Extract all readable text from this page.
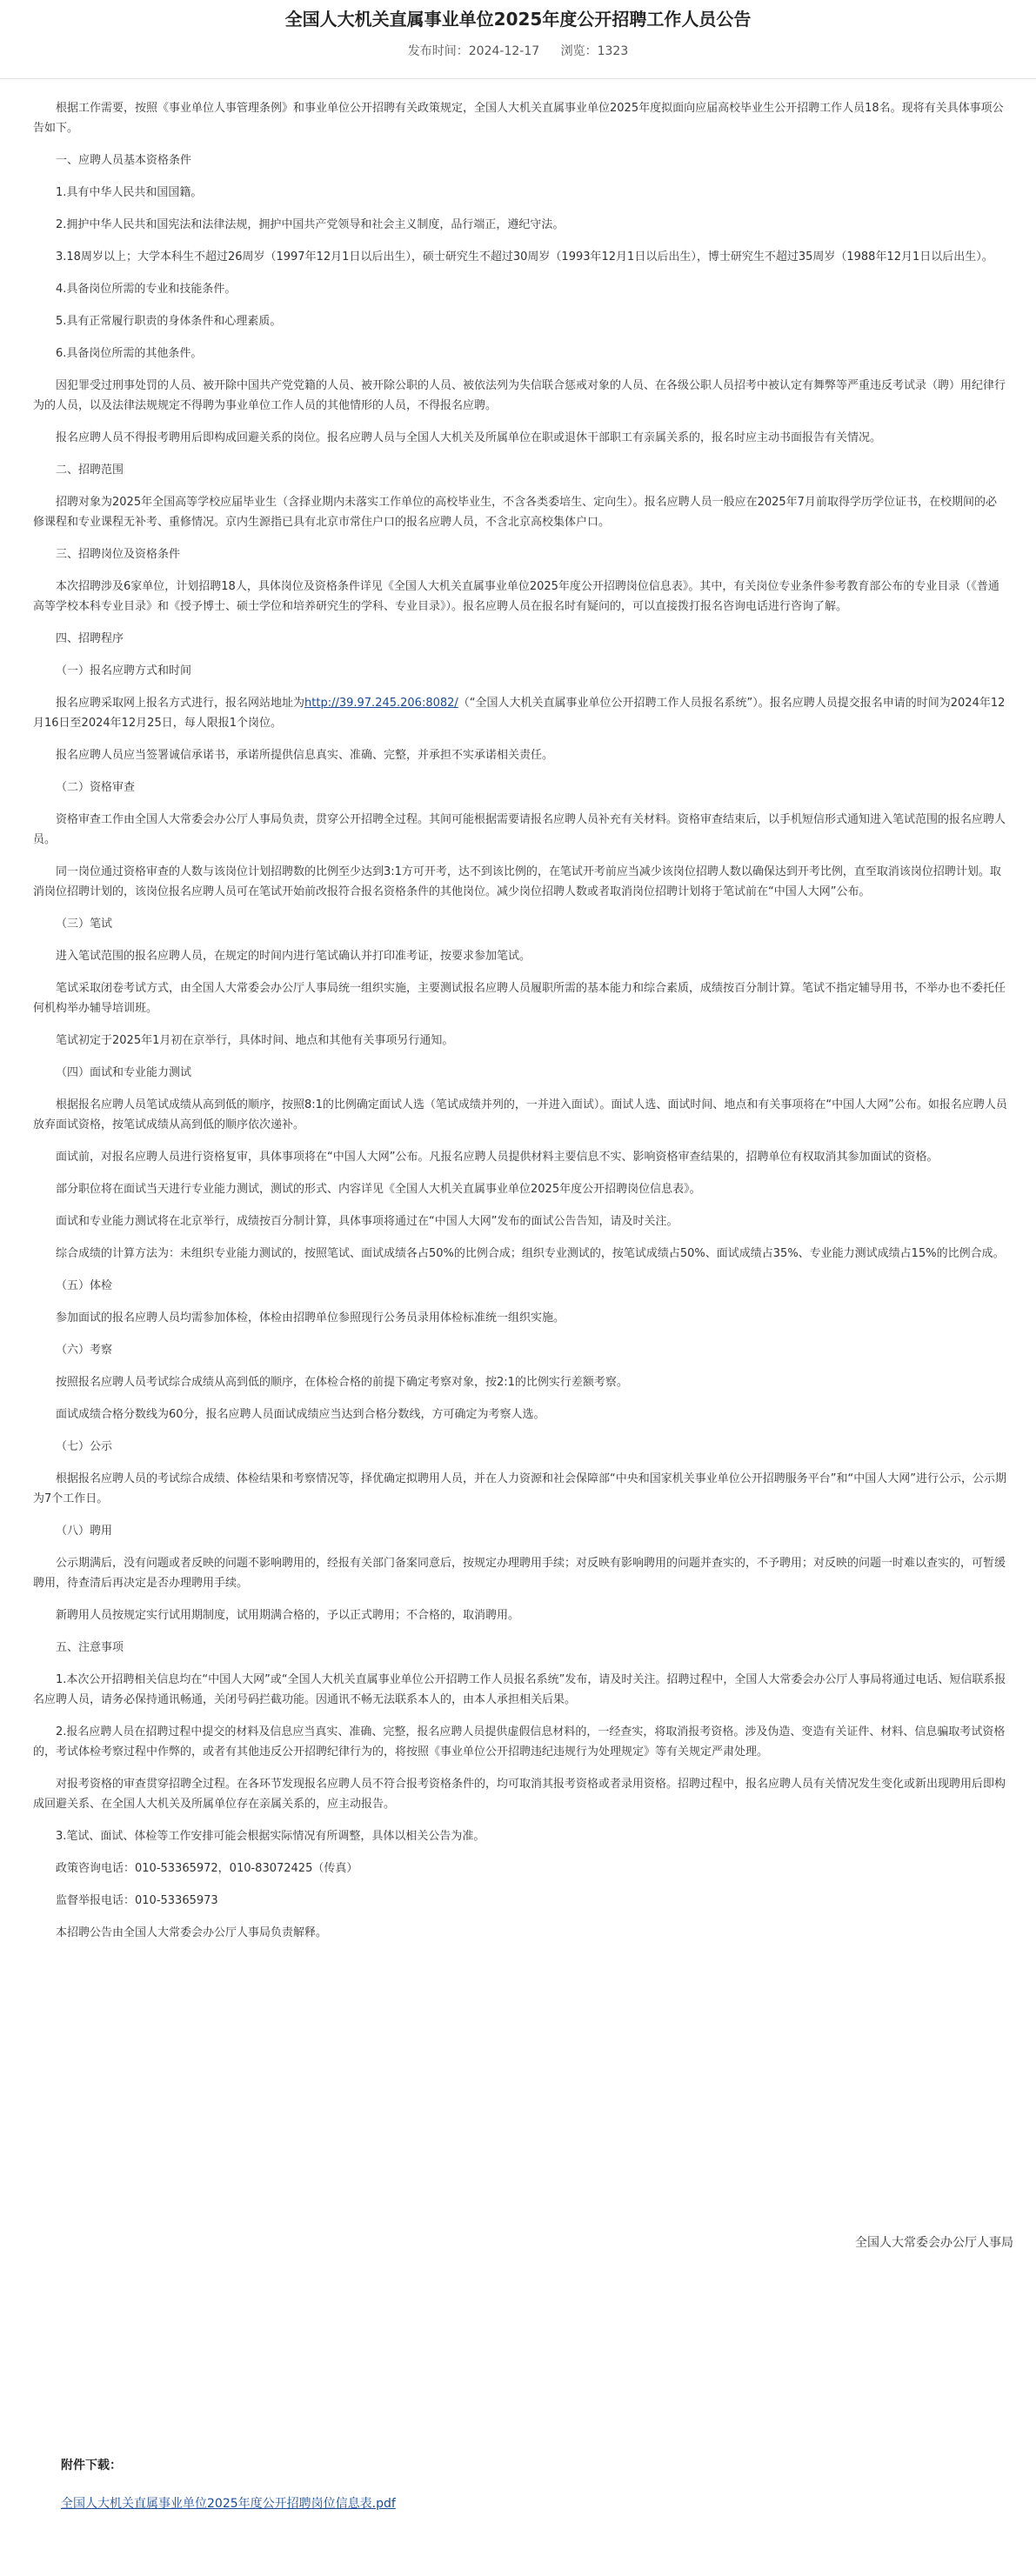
全国人大机关直属事业单位2025年度公开招聘工作人员公告
发布时间：2024-12-17 浏览：1323

根据工作需要，按照《事业单位人事管理条例》和事业单位公开招聘有关政策规定，全国人大机关直属事业单位2025年度拟面向应届高校毕业生公开招聘工作人员18名。现将有关具体事项公告如下。

一、应聘人员基本资格条件

1.具有中华人民共和国国籍。

2.拥护中华人民共和国宪法和法律法规，拥护中国共产党领导和社会主义制度，品行端正，遵纪守法。

3.18周岁以上；大学本科生不超过26周岁（1997年12月1日以后出生），硕士研究生不超过30周岁（1993年12月1日以后出生），博士研究生不超过35周岁（1988年12月1日以后出生）。

4.具备岗位所需的专业和技能条件。

5.具有正常履行职责的身体条件和心理素质。

6.具备岗位所需的其他条件。

因犯罪受过刑事处罚的人员、被开除中国共产党党籍的人员、被开除公职的人员、被依法列为失信联合惩戒对象的人员、在各级公职人员招考中被认定有舞弊等严重违反考试录（聘）用纪律行为的人员，以及法律法规规定不得聘为事业单位工作人员的其他情形的人员，不得报名应聘。

报名应聘人员不得报考聘用后即构成回避关系的岗位。报名应聘人员与全国人大机关及所属单位在职或退休干部职工有亲属关系的，报名时应主动书面报告有关情况。

二、招聘范围

招聘对象为2025年全国高等学校应届毕业生（含择业期内未落实工作单位的高校毕业生，不含各类委培生、定向生）。报名应聘人员一般应在2025年7月前取得学历学位证书，在校期间的必修课程和专业课程无补考、重修情况。京内生源指已具有北京市常住户口的报名应聘人员，不含北京高校集体户口。

三、招聘岗位及资格条件

本次招聘涉及6家单位，计划招聘18人，具体岗位及资格条件详见《全国人大机关直属事业单位2025年度公开招聘岗位信息表》。其中，有关岗位专业条件参考教育部公布的专业目录（《普通高等学校本科专业目录》和《授予博士、硕士学位和培养研究生的学科、专业目录》）。报名应聘人员在报名时有疑问的，可以直接拨打报名咨询电话进行咨询了解。

四、招聘程序

（一）报名应聘方式和时间

报名应聘采取网上报名方式进行，报名网站地址为http://39.97.245.206:8082/（“全国人大机关直属事业单位公开招聘工作人员报名系统”）。报名应聘人员提交报名申请的时间为2024年12月16日至2024年12月25日，每人限报1个岗位。

报名应聘人员应当签署诚信承诺书，承诺所提供信息真实、准确、完整，并承担不实承诺相关责任。

（二）资格审查

资格审查工作由全国人大常委会办公厅人事局负责，贯穿公开招聘全过程。其间可能根据需要请报名应聘人员补充有关材料。资格审查结束后，以手机短信形式通知进入笔试范围的报名应聘人员。

同一岗位通过资格审查的人数与该岗位计划招聘数的比例至少达到3:1方可开考，达不到该比例的，在笔试开考前应当减少该岗位招聘人数以确保达到开考比例，直至取消该岗位招聘计划。取消岗位招聘计划的，该岗位报名应聘人员可在笔试开始前改报符合报名资格条件的其他岗位。减少岗位招聘人数或者取消岗位招聘计划将于笔试前在“中国人大网”公布。

（三）笔试

进入笔试范围的报名应聘人员，在规定的时间内进行笔试确认并打印准考证，按要求参加笔试。

笔试采取闭卷考试方式，由全国人大常委会办公厅人事局统一组织实施，主要测试报名应聘人员履职所需的基本能力和综合素质，成绩按百分制计算。笔试不指定辅导用书，不举办也不委托任何机构举办辅导培训班。

笔试初定于2025年1月初在京举行，具体时间、地点和其他有关事项另行通知。

（四）面试和专业能力测试

根据报名应聘人员笔试成绩从高到低的顺序，按照8:1的比例确定面试人选（笔试成绩并列的，一并进入面试）。面试人选、面试时间、地点和有关事项将在“中国人大网”公布。如报名应聘人员放弃面试资格，按笔试成绩从高到低的顺序依次递补。

面试前，对报名应聘人员进行资格复审，具体事项将在“中国人大网”公布。凡报名应聘人员提供材料主要信息不实、影响资格审查结果的，招聘单位有权取消其参加面试的资格。

部分职位将在面试当天进行专业能力测试，测试的形式、内容详见《全国人大机关直属事业单位2025年度公开招聘岗位信息表》。

面试和专业能力测试将在北京举行，成绩按百分制计算，具体事项将通过在“中国人大网”发布的面试公告告知，请及时关注。

综合成绩的计算方法为：未组织专业能力测试的，按照笔试、面试成绩各占50%的比例合成；组织专业测试的，按笔试成绩占50%、面试成绩占35%、专业能力测试成绩占15%的比例合成。

（五）体检

参加面试的报名应聘人员均需参加体检，体检由招聘单位参照现行公务员录用体检标准统一组织实施。

（六）考察

按照报名应聘人员考试综合成绩从高到低的顺序，在体检合格的前提下确定考察对象，按2:1的比例实行差额考察。

面试成绩合格分数线为60分，报名应聘人员面试成绩应当达到合格分数线，方可确定为考察人选。

（七）公示

根据报名应聘人员的考试综合成绩、体检结果和考察情况等，择优确定拟聘用人员，并在人力资源和社会保障部“中央和国家机关事业单位公开招聘服务平台”和“中国人大网”进行公示，公示期为7个工作日。

（八）聘用

公示期满后，没有问题或者反映的问题不影响聘用的，经报有关部门备案同意后，按规定办理聘用手续；对反映有影响聘用的问题并查实的，不予聘用；对反映的问题一时难以查实的，可暂缓聘用，待查清后再决定是否办理聘用手续。

新聘用人员按规定实行试用期制度，试用期满合格的，予以正式聘用；不合格的，取消聘用。

五、注意事项

1.本次公开招聘相关信息均在“中国人大网”或“全国人大机关直属事业单位公开招聘工作人员报名系统”发布，请及时关注。招聘过程中，全国人大常委会办公厅人事局将通过电话、短信联系报名应聘人员，请务必保持通讯畅通，关闭号码拦截功能。因通讯不畅无法联系本人的，由本人承担相关后果。

2.报名应聘人员在招聘过程中提交的材料及信息应当真实、准确、完整，报名应聘人员提供虚假信息材料的，一经查实，将取消报考资格。涉及伪造、变造有关证件、材料、信息骗取考试资格的，考试体检考察过程中作弊的，或者有其他违反公开招聘纪律行为的，将按照《事业单位公开招聘违纪违规行为处理规定》等有关规定严肃处理。

对报考资格的审查贯穿招聘全过程。在各环节发现报名应聘人员不符合报考资格条件的，均可取消其报考资格或者录用资格。招聘过程中，报名应聘人员有关情况发生变化或新出现聘用后即构成回避关系、在全国人大机关及所属单位存在亲属关系的，应主动报告。

3.笔试、面试、体检等工作安排可能会根据实际情况有所调整，具体以相关公告为准。

政策咨询电话：010-53365972，010-83072425（传真）

监督举报电话：010-53365973

本招聘公告由全国人大常委会办公厅人事局负责解释。

全国人大常委会办公厅人事局
附件下载：
全国人大机关直属事业单位2025年度公开招聘岗位信息表.pdf
